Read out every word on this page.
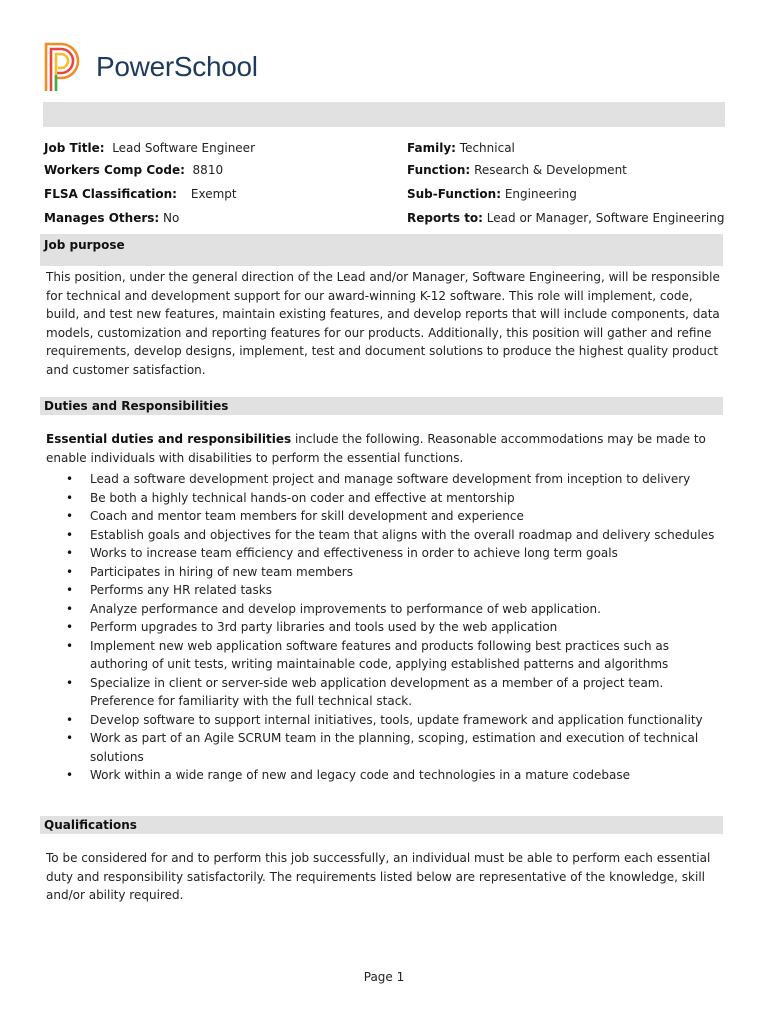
PowerSchool
Job Title: Lead Software Engineer
Workers Comp Code: 8810
FLSA Classification: Exempt
Manages Others: No
Family: Technical
Function: Research & Development
Sub-Function: Engineering
Reports to: Lead or Manager, Software Engineering
Job purpose
This position, under the general direction of the Lead and/or Manager, Software Engineering, will be responsible for technical and development support for our award-winning K-12 software. This role will implement, code, build, and test new features, maintain existing features, and develop reports that will include components, data models, customization and reporting features for our products. Additionally, this position will gather and refine requirements, develop designs, implement, test and document solutions to produce the highest quality product and customer satisfaction.
Duties and Responsibilities
Essential duties and responsibilities include the following. Reasonable accommodations may be made to enable individuals with disabilities to perform the essential functions.
• Lead a software development project and manage software development from inception to delivery
• Be both a highly technical hands-on coder and effective at mentorship
• Coach and mentor team members for skill development and experience
• Establish goals and objectives for the team that aligns with the overall roadmap and delivery schedules
• Works to increase team efficiency and effectiveness in order to achieve long term goals
• Participates in hiring of new team members
• Performs any HR related tasks
• Analyze performance and develop improvements to performance of web application.
• Perform upgrades to 3rd party libraries and tools used by the web application
• Implement new web application software features and products following best practices such as authoring of unit tests, writing maintainable code, applying established patterns and algorithms
• Specialize in client or server-side web application development as a member of a project team. Preference for familiarity with the full technical stack.
• Develop software to support internal initiatives, tools, update framework and application functionality
• Work as part of an Agile SCRUM team in the planning, scoping, estimation and execution of technical solutions
• Work within a wide range of new and legacy code and technologies in a mature codebase
Qualifications
To be considered for and to perform this job successfully, an individual must be able to perform each essential duty and responsibility satisfactorily. The requirements listed below are representative of the knowledge, skill and/or ability required.
Page 1
